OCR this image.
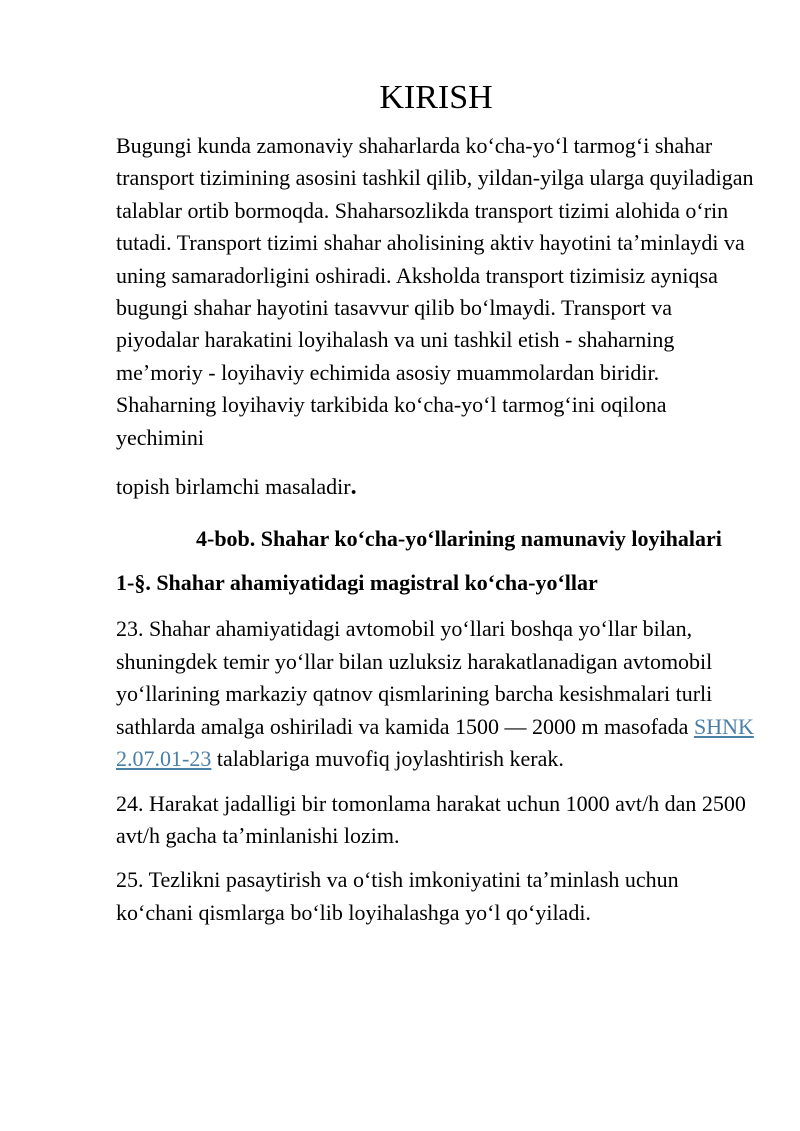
KIRISH

Bugungi kunda zamonaviy shaharlarda koʻcha-yoʻl tarmogʻi shahar transport tizimining asosini tashkil qilib, yildan-yilga ularga quyiladigan talablar ortib bormoqda. Shaharsozlikda transport tizimi alohida oʻrin tutadi. Transport tizimi shahar aholisining aktiv hayotini taʼminlaydi va uning samaradorligini oshiradi. Aksholda transport tizimisiz ayniqsa bugungi shahar hayotini tasavvur qilib boʻlmaydi. Transport va piyodalar harakatini loyihalash va uni tashkil etish - shaharning meʼmoriy - loyihaviy echimida asosiy muammolardan biridir. Shaharning loyihaviy tarkibida koʻcha-yoʻl tarmogʻini oqilona yechimini
topish birlamchi masaladir.

4-bob. Shahar koʻcha-yoʻllarining namunaviy loyihalari

1-§. Shahar ahamiyatidagi magistral koʻcha-yoʻllar

23. Shahar ahamiyatidagi avtomobil yoʻllari boshqa yoʻllar bilan, shuningdek temir yoʻllar bilan uzluksiz harakatlanadigan avtomobil yoʻllarining markaziy qatnov qismlarining barcha kesishmalari turli sathlarda amalga oshiriladi va kamida 1500 — 2000 m masofada SHNK 2.07.01-23 talablariga muvofiq joylashtirish kerak.

24. Harakat jadalligi bir tomonlama harakat uchun 1000 avt/h dan 2500 avt/h gacha taʼminlanishi lozim.

25. Tezlikni pasaytirish va oʻtish imkoniyatini taʼminlash uchun koʻchani qismlarga boʻlib loyihalashga yoʻl qoʻyiladi.
